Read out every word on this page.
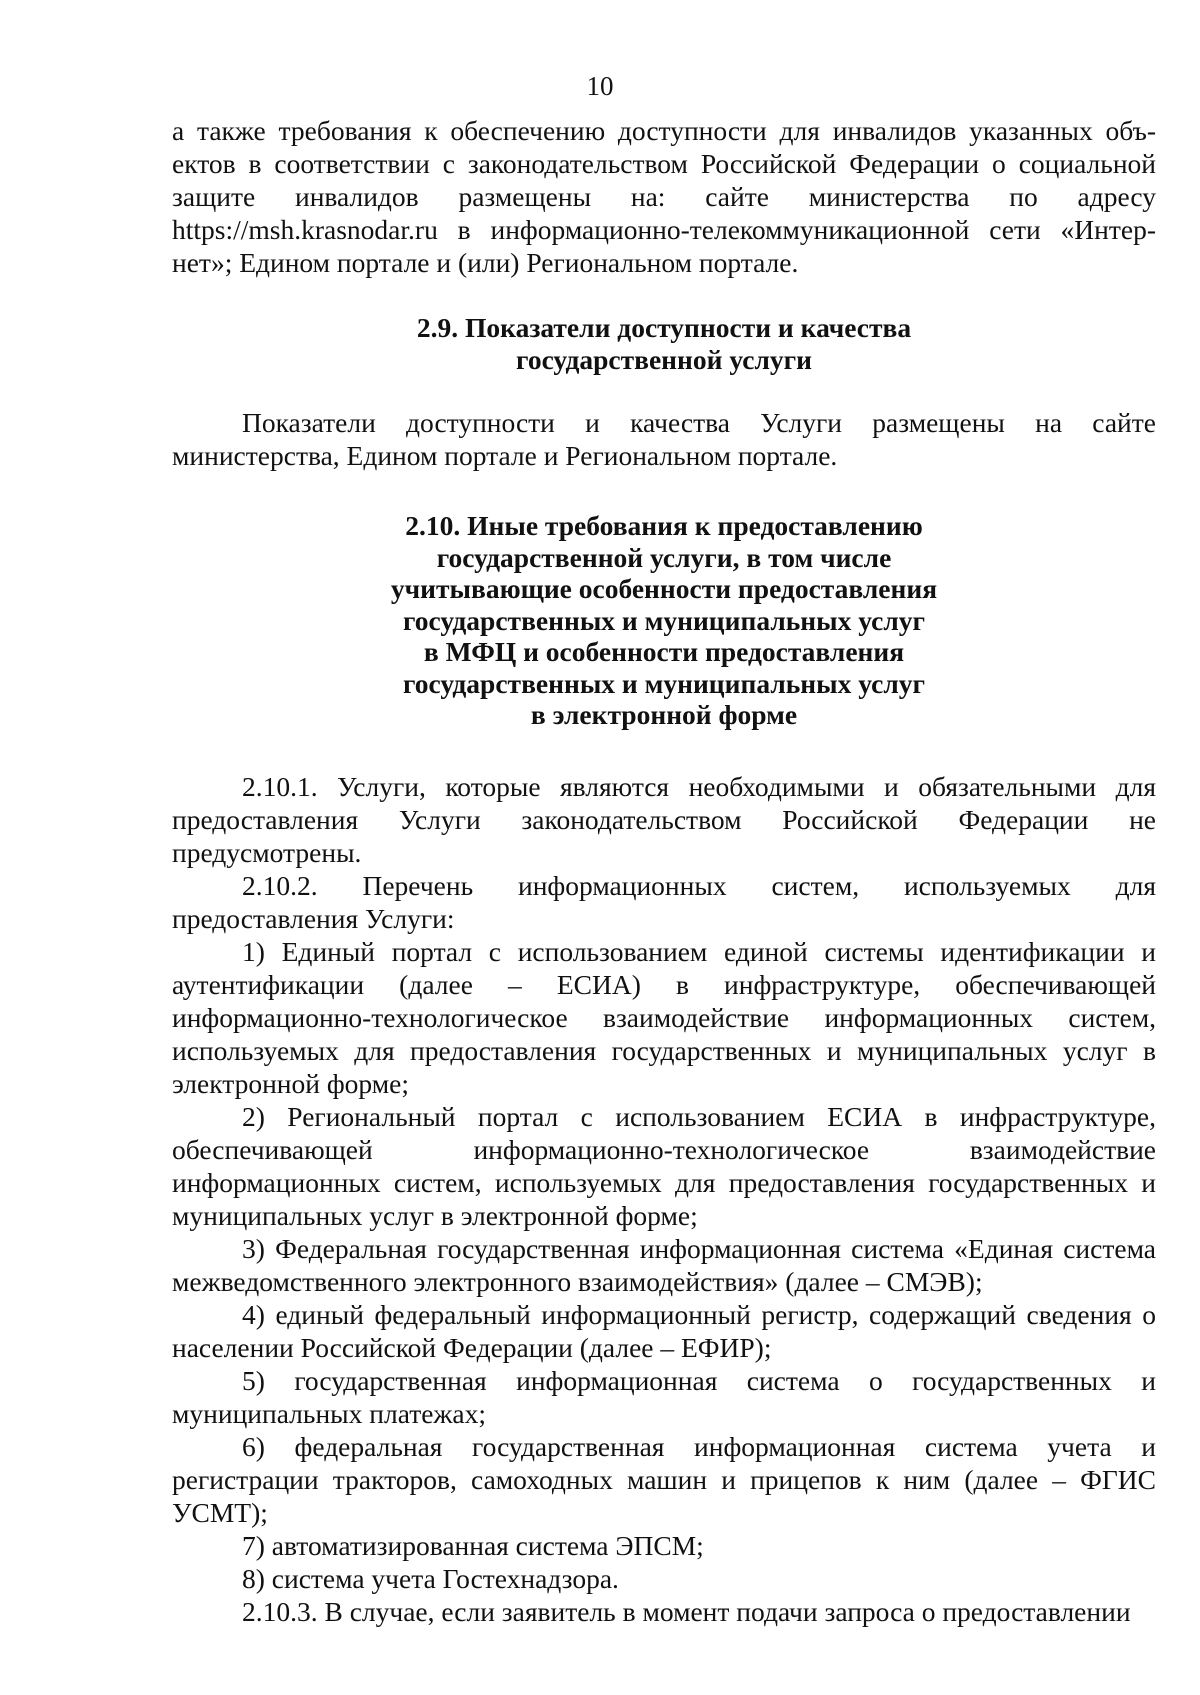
10
а также требования к обеспечению доступности для инвалидов указанных объ-
ектов в соответствии с законодательством Российской Федерации о социальной
защите инвалидов размещены на: сайте министерства по адресу
https://msh.krasnodar.ru в информационно-телекоммуникационной сети «Интер-
нет»; Едином портале и (или) Региональном портале.
2.9. Показатели доступности и качества
государственной услуги

Показатели доступности и качества Услуги размещены на сайте министерства, Едином портале и Региональном портале.

2.10. Иные требования к предоставлению
государственной услуги, в том числе
учитывающие особенности предоставления
государственных и муниципальных услуг
в МФЦ и особенности предоставления
государственных и муниципальных услуг
в электронной форме

2.10.1. Услуги, которые являются необходимыми и обязательными для предоставления Услуги законодательством Российской Федерации не предусмотрены.

2.10.2. Перечень информационных систем, используемых для предоставления Услуги:

1) Единый портал с использованием единой системы идентификации и аутентификации (далее – ЕСИА) в инфраструктуре, обеспечивающей информационно-технологическое взаимодействие информационных систем, используемых для предоставления государственных и муниципальных услуг в электронной форме;

2) Региональный портал с использованием ЕСИА в инфраструктуре, обеспечивающей информационно-технологическое взаимодействие информационных систем, используемых для предоставления государственных и муниципальных услуг в электронной форме;

3) Федеральная государственная информационная система «Единая система межведомственного электронного взаимодействия» (далее – СМЭВ);

4) единый федеральный информационный регистр, содержащий сведения о населении Российской Федерации (далее – ЕФИР);

5) государственная информационная система о государственных и муниципальных платежах;

6) федеральная государственная информационная система учета и регистрации тракторов, самоходных машин и прицепов к ним (далее – ФГИС УСМТ);

7) автоматизированная система ЭПСМ;

8) система учета Гостехнадзора.

2.10.3. В случае, если заявитель в момент подачи запроса о предоставлении
